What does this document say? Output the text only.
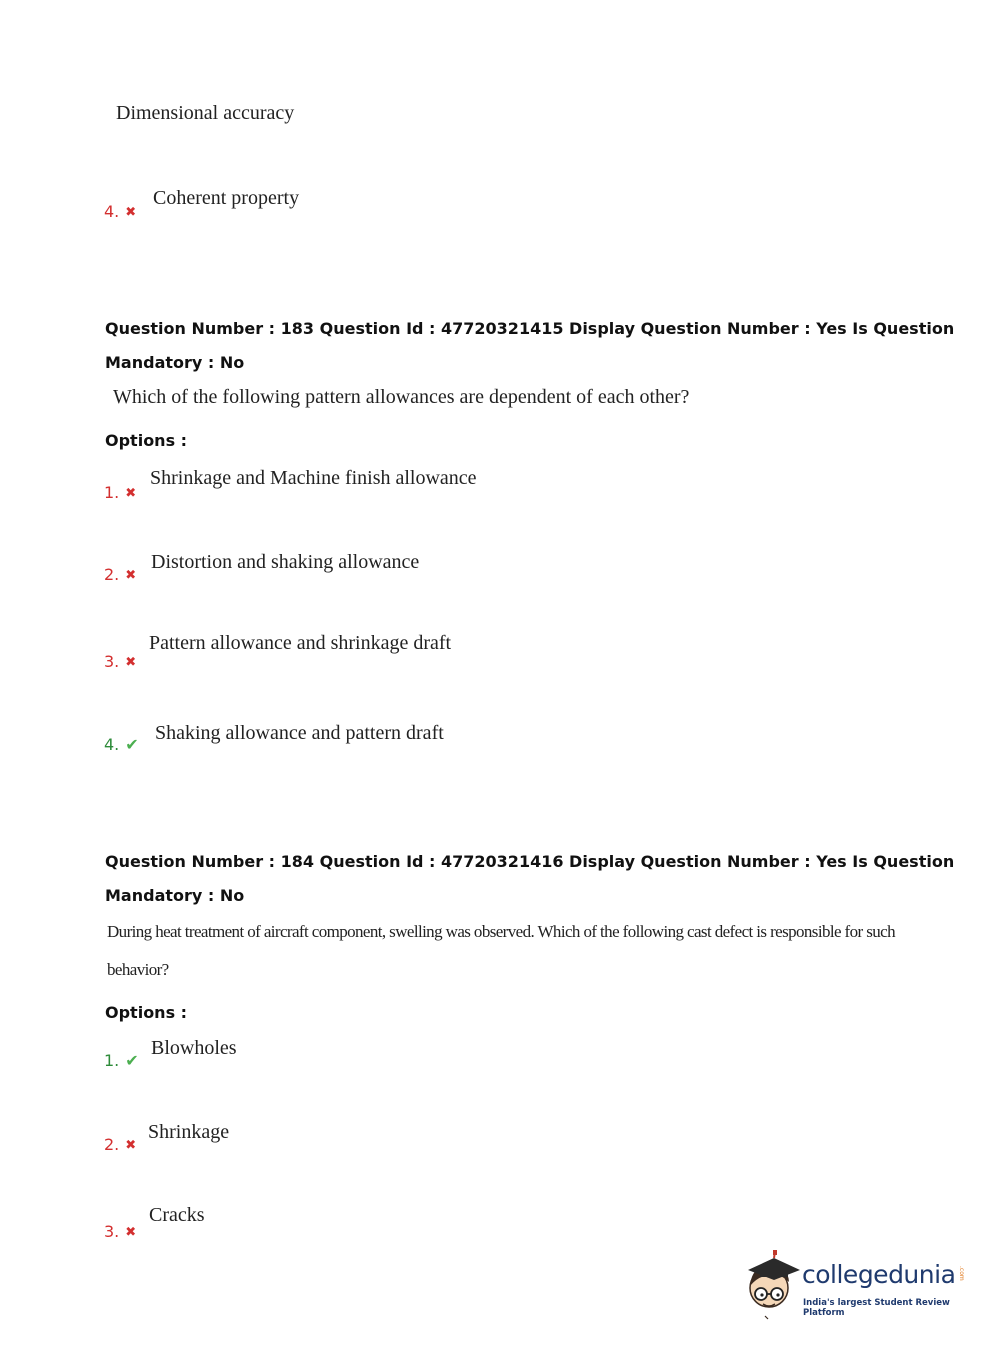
Dimensional accuracy
4. ✖
Coherent property
Question Number : 183 Question Id : 47720321415 Display Question Number : Yes Is Question
Mandatory : No
Which of the following pattern allowances are dependent of each other?
Options :
1. ✖
Shrinkage and Machine finish allowance
2. ✖
Distortion and shaking allowance
3. ✖
Pattern allowance and shrinkage draft
4. ✔
Shaking allowance and pattern draft
Question Number : 184 Question Id : 47720321416 Display Question Number : Yes Is Question
Mandatory : No
During heat treatment of aircraft component, swelling was observed. Which of the following cast defect is responsible for such
behavior?
Options :
1. ✔
Blowholes
2. ✖
Shrinkage
3. ✖
Cracks
collegedunia .com
India's largest Student Review Platform
